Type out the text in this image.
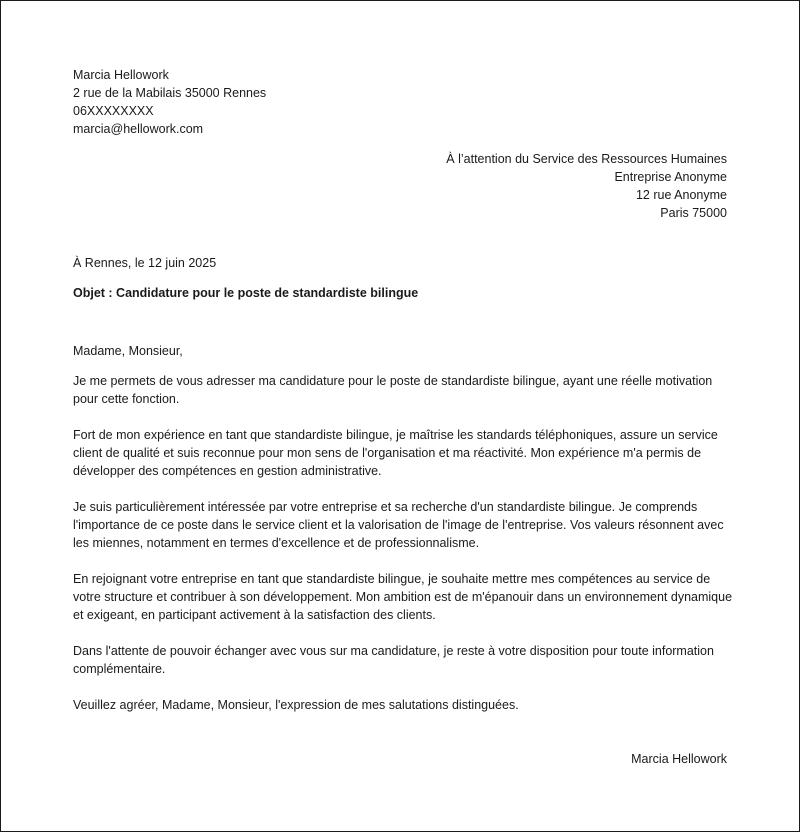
Marcia Hellowork
2 rue de la Mabilais 35000 Rennes
06XXXXXXXX
marcia@hellowork.com
À l’attention du Service des Ressources Humaines
Entreprise Anonyme
12 rue Anonyme
Paris 75000
À Rennes, le 12 juin 2025
Objet : Candidature pour le poste de standardiste bilingue

Madame, Monsieur,

Je me permets de vous adresser ma candidature pour le poste de standardiste bilingue, ayant une réelle motivation pour cette fonction.

Fort de mon expérience en tant que standardiste bilingue, je maîtrise les standards téléphoniques, assure un service client de qualité et suis reconnue pour mon sens de l'organisation et ma réactivité. Mon expérience m'a permis de développer des compétences en gestion administrative.

Je suis particulièrement intéressée par votre entreprise et sa recherche d'un standardiste bilingue. Je comprends l'importance de ce poste dans le service client et la valorisation de l'image de l'entreprise. Vos valeurs résonnent avec les miennes, notamment en termes d'excellence et de professionnalisme.

En rejoignant votre entreprise en tant que standardiste bilingue, je souhaite mettre mes compétences au service de votre structure et contribuer à son développement. Mon ambition est de m'épanouir dans un environnement dynamique et exigeant, en participant activement à la satisfaction des clients.

Dans l'attente de pouvoir échanger avec vous sur ma candidature, je reste à votre disposition pour toute information complémentaire.

Veuillez agréer, Madame, Monsieur, l'expression de mes salutations distinguées.

Marcia Hellowork
